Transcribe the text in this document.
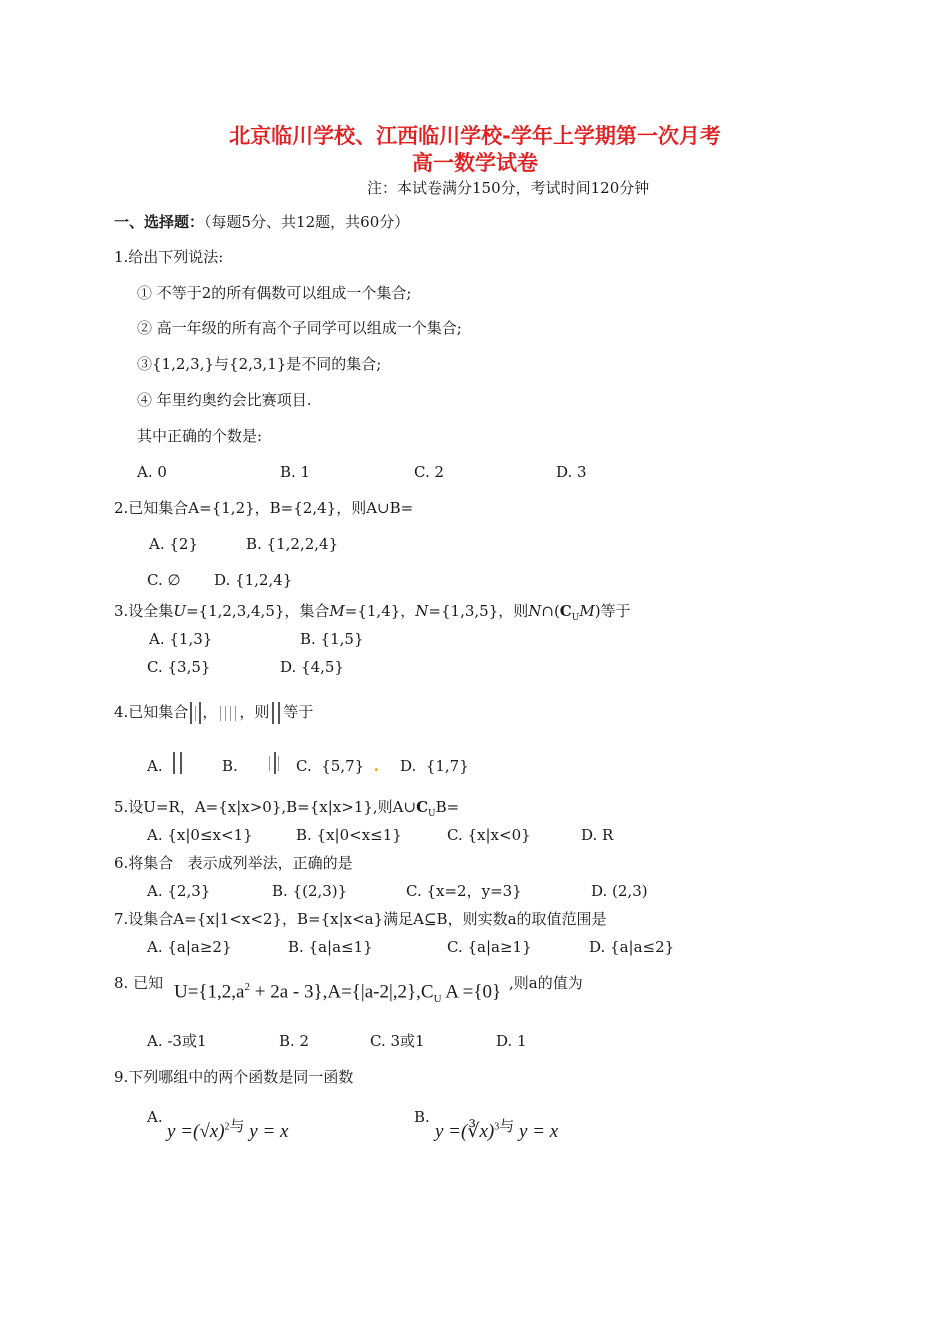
北京临川学校、江西临川学校-学年上学期第一次月考
高一数学试卷
注：本试卷满分150分，考试时间120分钟
一、选择题：（每题5分、共12题，共60分）
1.给出下列说法:
① 不等于2的所有偶数可以组成一个集合;
② 高一年级的所有高个子同学可以组成一个集合;
③{1,2,3,}与{2,3,1}是不同的集合;
④ 年里约奥约会比赛项目.
其中正确的个数是:
A. 0	B. 1	C. 2	D. 3
2.已知集合A={1,2}，B={2,4}，则A∪B=
A. {2}	B. {1,2,2,4}
C. ∅ D. {1,2,4}
3.设全集U={1,2,3,4,5}，集合M={1,4}，N={1,3,5}，则$N\cap(C_UM)$等于
A. {1,3}	B. {1,5}
C. {3,5}	D. {4,5}
4.已知集合 ， ，则 等于
A.
	B.	C. {5,7} . D. {1,7}
5.设U=R，A={x|x>0},B={x|x>1},则$A\cup C_UB=$
A. {x|0≤x<1}	B. {x|0<x≤1}	C. {x|x<0}	D. R
6.将集合 表示成列举法，正确的是
A. {2,3}	B. {(2,3)}	C. {x=2，y=3}	D. (2,3)
7.设集合A={x|1<x<2}，B={x|x<a}满足A⊆B，则实数a的取值范围是
A. {a|a≥2}	B. {a|a≤1}	C. {a|a≥1}	D. {a|a≤2}
8. 已知 $U=\{1,2,a^2 + 2a - 3\},A=\{|a-2|,2\},C_U$ A ={0} ,则a的值为
A. -3或1	B. 2	C. 3或1	D. 1
9.下列哪组中的两个函数是同一函数
A.
$y =(√x)^{2与}$ y = x
B.
y =(∛x)$^{3与}$ y = x
